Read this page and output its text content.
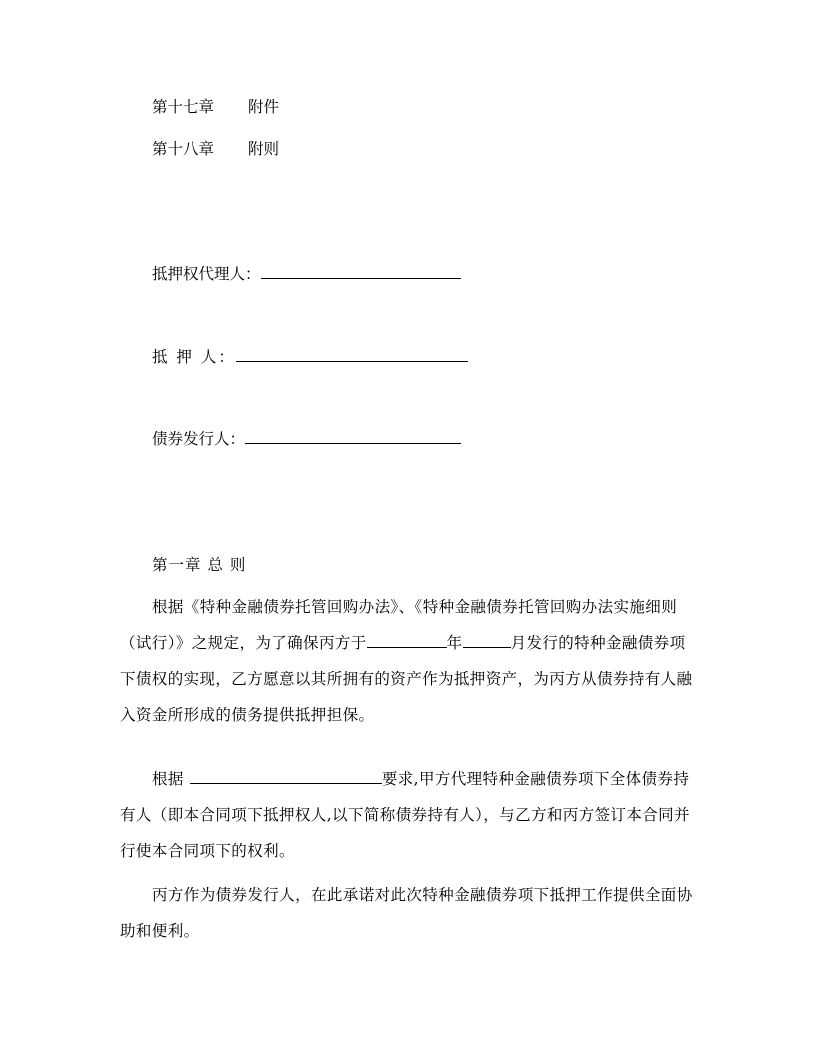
第十七章 附件
第十八章 附则
抵押权代理人：
抵 押 人：
债券发行人：
第一章 总 则
根据《特种金融债券托管回购办法》、《特种金融债券托管回购办法实施细则（试行）》之规定，为了确保丙方于	年	月发行的特种金融债券项下债权的实现，乙方愿意以其所拥有的资产作为抵押资产，为丙方从债券持有人融入资金所形成的债务提供抵押担保。
根据	要求,甲方代理特种金融债券项下全体债券持有人（即本合同项下抵押权人,以下简称债券持有人），与乙方和丙方签订本合同并行使本合同项下的权利。
丙方作为债券发行人，在此承诺对此次特种金融债券项下抵押工作提供全面协助和便利。
